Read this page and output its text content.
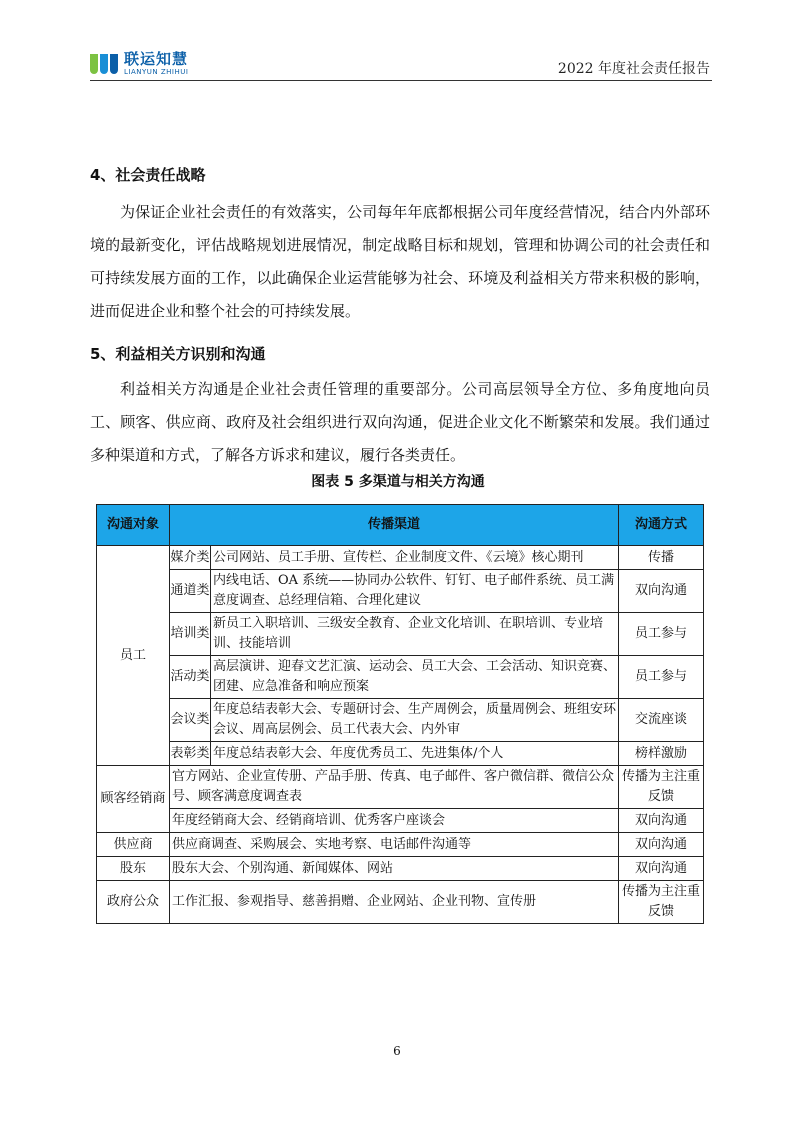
联运知慧
LIANYUN ZHIHUI	2022 年度社会责任报告
4、社会责任战略
为保证企业社会责任的有效落实，公司每年年底都根据公司年度经营情况，结合内外部环境的最新变化，评估战略规划进展情况，制定战略目标和规划，管理和协调公司的社会责任和可持续发展方面的工作，以此确保企业运营能够为社会、环境及利益相关方带来积极的影响，进而促进企业和整个社会的可持续发展。
5、利益相关方识别和沟通
利益相关方沟通是企业社会责任管理的重要部分。公司高层领导全方位、多角度地向员工、顾客、供应商、政府及社会组织进行双向沟通，促进企业文化不断繁荣和发展。我们通过多种渠道和方式，了解各方诉求和建议，履行各类责任。
图表 5 多渠道与相关方沟通
沟通对象	传播渠道		沟通方式
员工	媒介类	公司网站、员工手册、宣传栏、企业制度文件、《云境》核心期刊	传播
	通道类	内线电话、OA 系统——协同办公软件、钉钉、电子邮件系统、员工满意度调查、总经理信箱、合理化建议	双向沟通
	培训类	新员工入职培训、三级安全教育、企业文化培训、在职培训、专业培训、技能培训	员工参与
	活动类	高层演讲、迎春文艺汇演、运动会、员工大会、工会活动、知识竞赛、团建、应急准备和响应预案	员工参与
	会议类	年度总结表彰大会、专题研讨会、生产周例会，质量周例会、班组安环会议、周高层例会、员工代表大会、内外审	交流座谈
	表彰类	年度总结表彰大会、年度优秀员工、先进集体/个人	榜样激励
顾客经销商	官方网站、企业宣传册、产品手册、传真、电子邮件、客户微信群、微信公众号、顾客满意度调查表		传播为主注重反馈
	年度经销商大会、经销商培训、优秀客户座谈会		双向沟通
供应商	供应商调查、采购展会、实地考察、电话邮件沟通等		双向沟通
股东	股东大会、个别沟通、新闻媒体、网站		双向沟通
政府公众	工作汇报、参观指导、慈善捐赠、企业网站、企业刊物、宣传册		传播为主注重反馈
6
